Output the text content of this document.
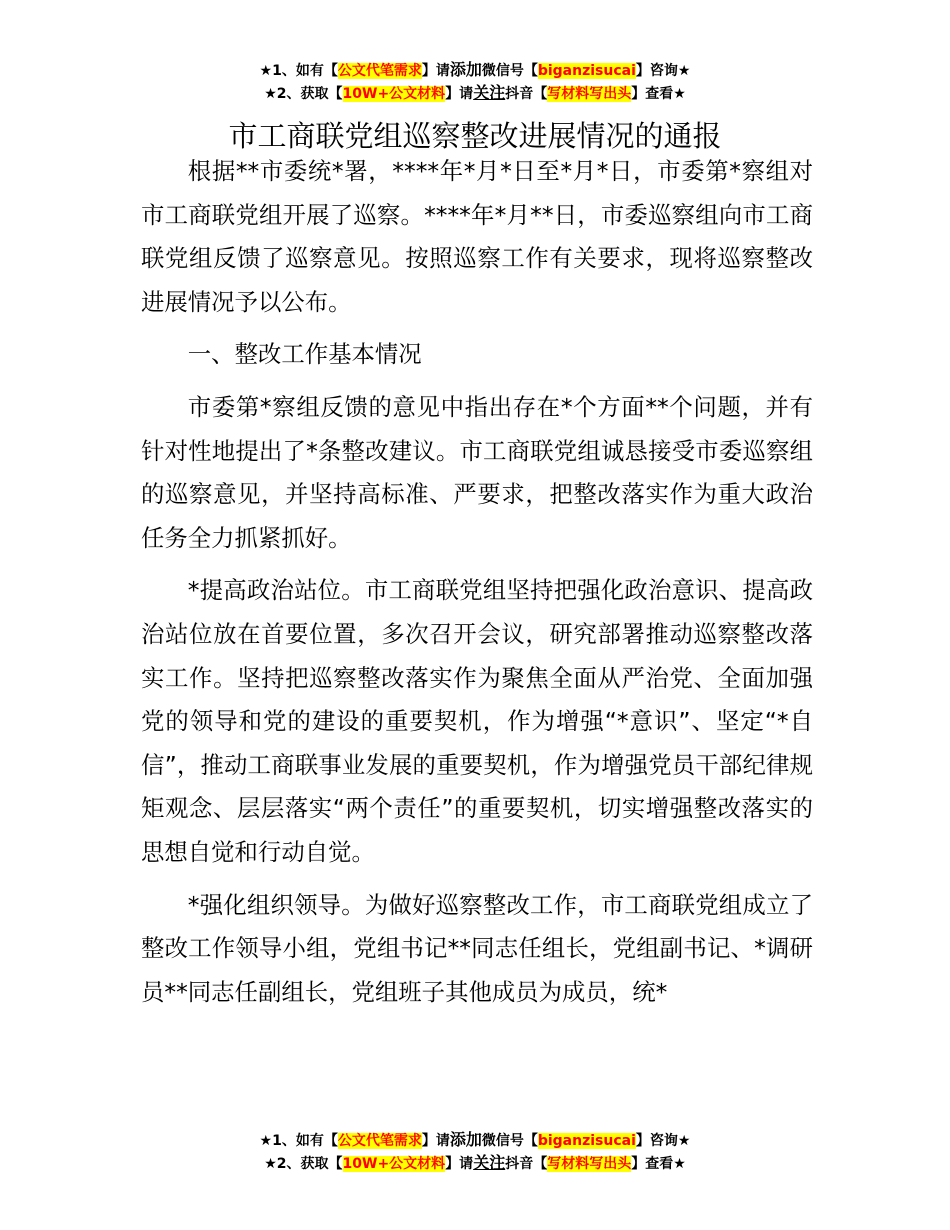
★1、如有【公文代笔需求】请添加微信号【biganzisucai】咨询★
★2、获取【10W+公文材料】请关注抖音【写材料写出头】查看★
市工商联党组巡察整改进展情况的通报

根据**市委统*署，****年*月*日至*月*日，市委第*察组对市工商联党组开展了巡察。****年*月**日，市委巡察组向市工商联党组反馈了巡察意见。按照巡察工作有关要求，现将巡察整改进展情况予以公布。

一、整改工作基本情况

市委第*察组反馈的意见中指出存在*个方面**个问题，并有针对性地提出了*条整改建议。市工商联党组诚恳接受市委巡察组的巡察意见，并坚持高标准、严要求，把整改落实作为重大政治任务全力抓紧抓好。

*提高政治站位。市工商联党组坚持把强化政治意识、提高政治站位放在首要位置，多次召开会议，研究部署推动巡察整改落实工作。坚持把巡察整改落实作为聚焦全面从严治党、全面加强党的领导和党的建设的重要契机，作为增强“*意识”、坚定“*自信”，推动工商联事业发展的重要契机，作为增强党员干部纪律规矩观念、层层落实“两个责任”的重要契机，切实增强整改落实的思想自觉和行动自觉。

*强化组织领导。为做好巡察整改工作，市工商联党组成立了整改工作领导小组，党组书记**同志任组长，党组副书记、*调研员**同志任副组长，党组班子其他成员为成员，统*

★1、如有【公文代笔需求】请添加微信号【biganzisucai】咨询★
★2、获取【10W+公文材料】请关注抖音【写材料写出头】查看★
